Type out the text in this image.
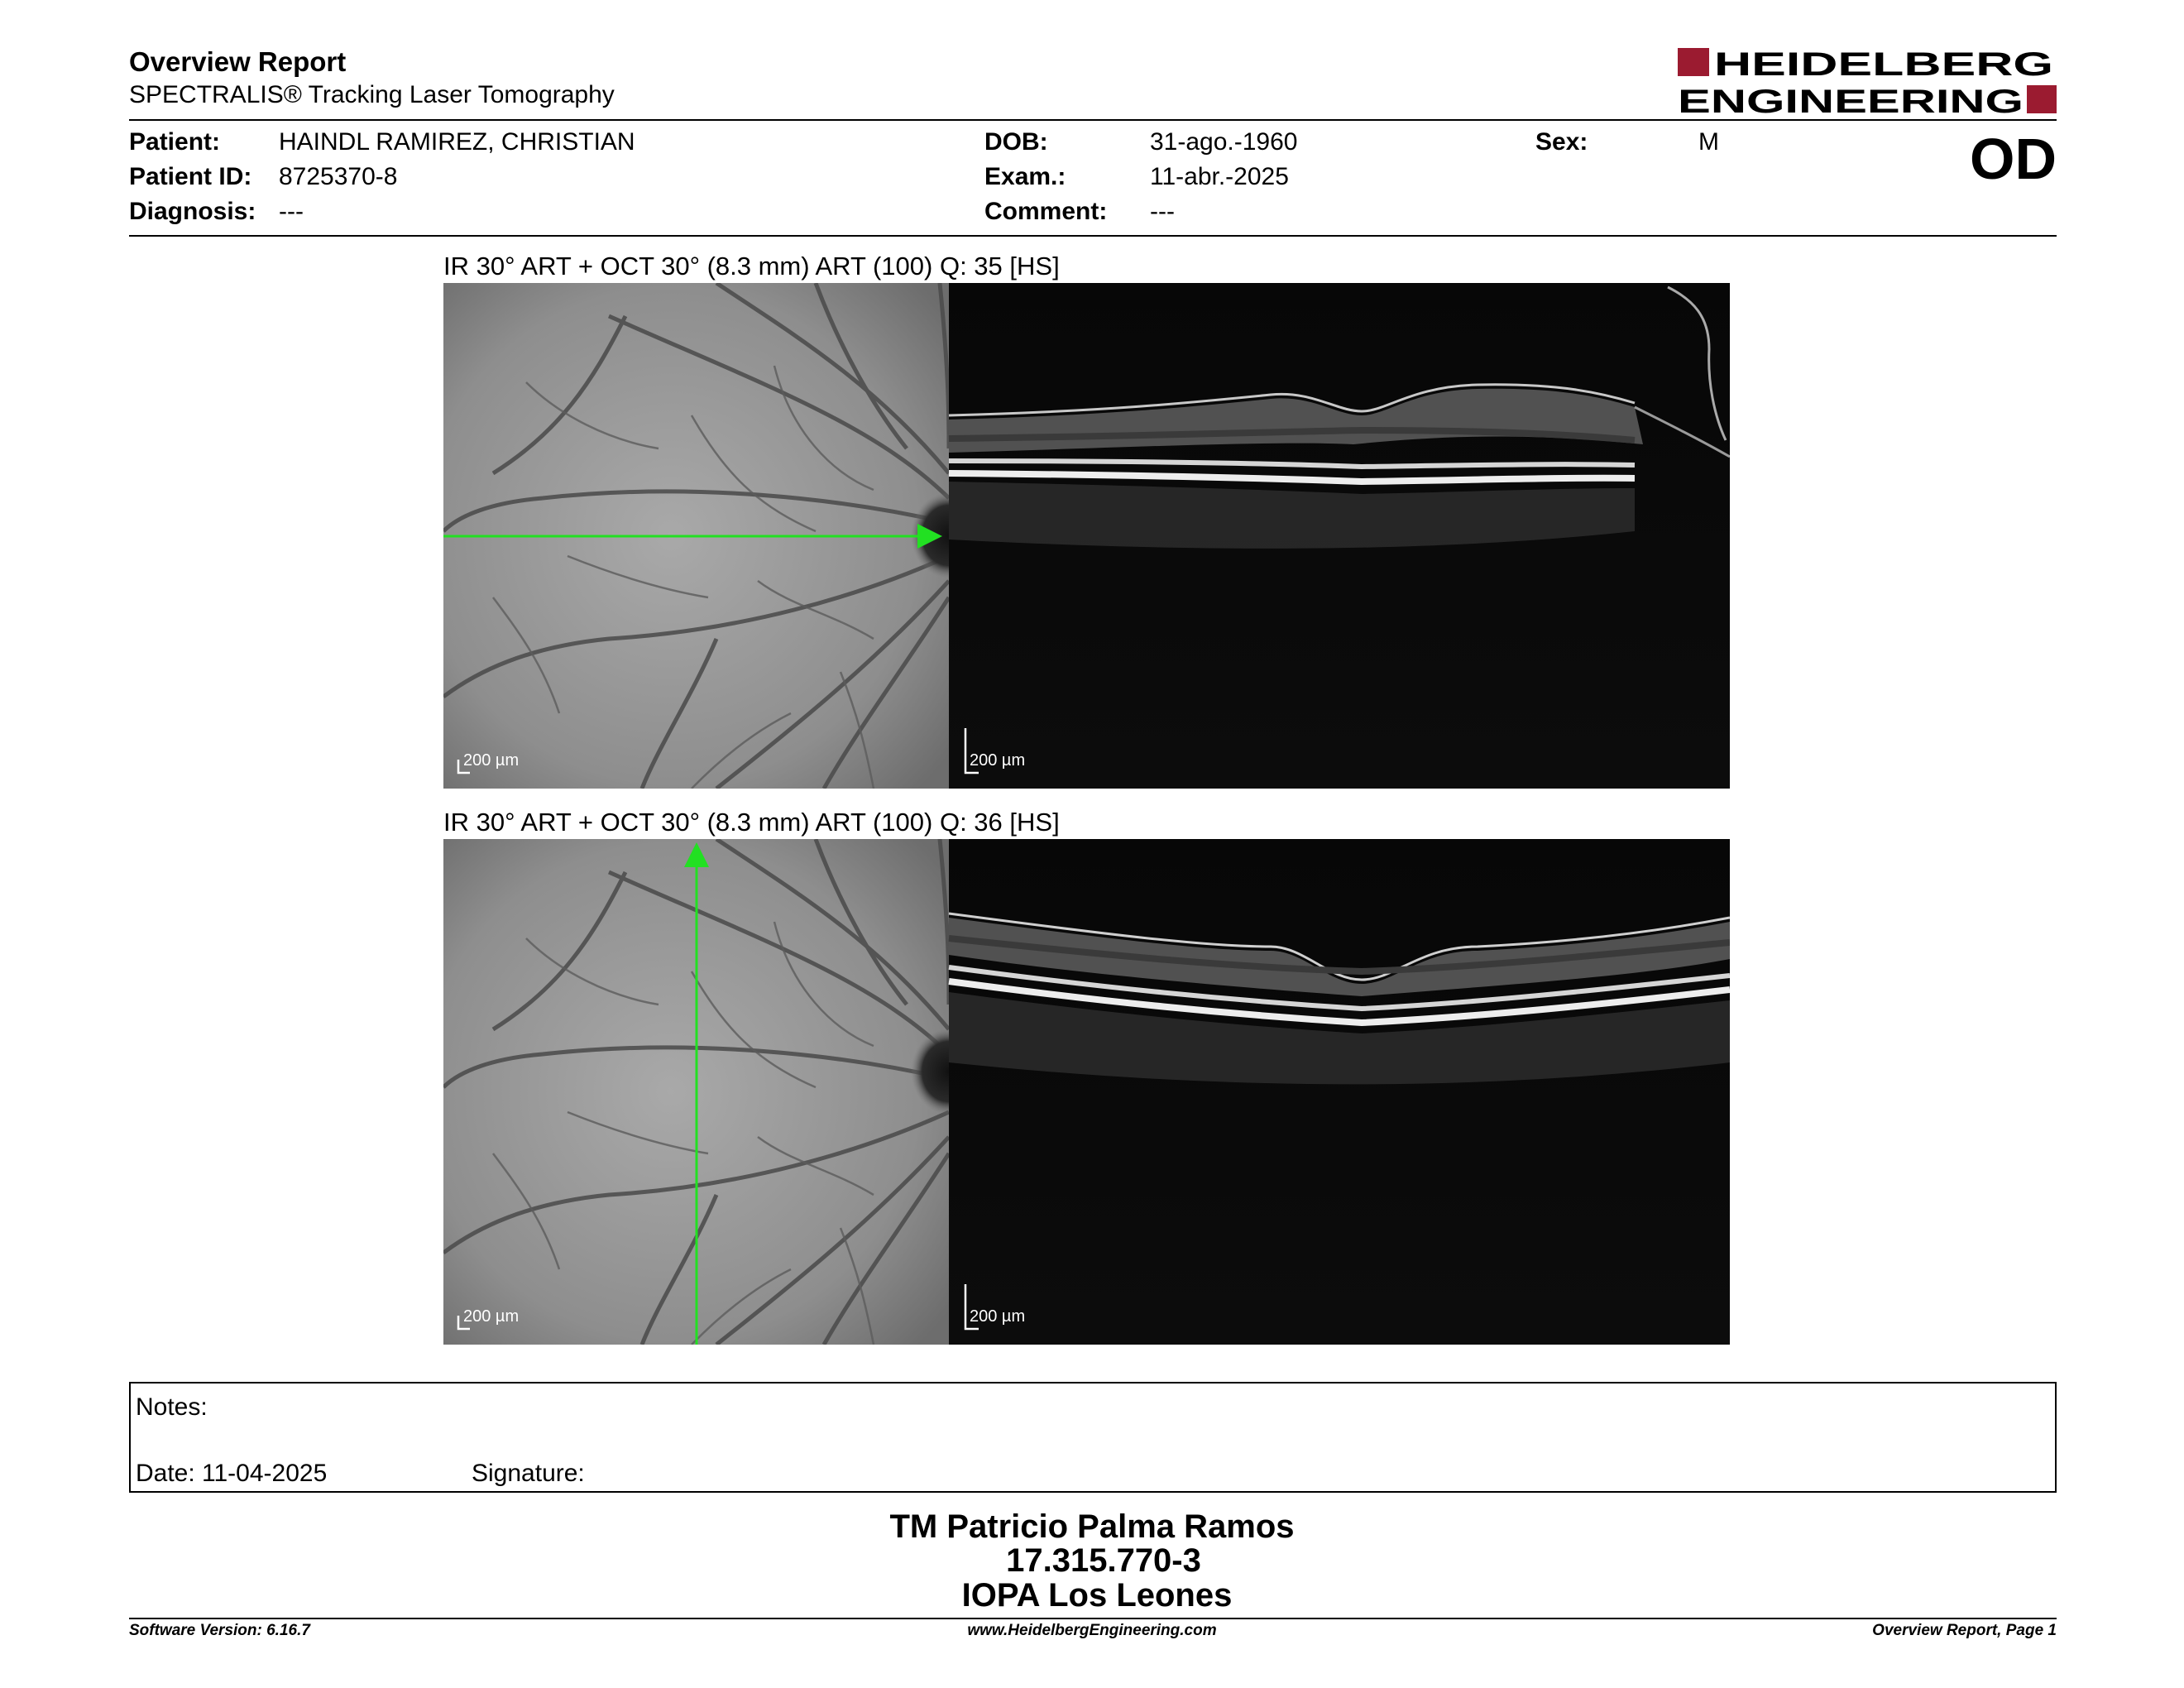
Overview Report
SPECTRALIS® Tracking Laser Tomography
HEIDELBERG
ENGINEERING
Patient: HAINDL RAMIREZ, CHRISTIAN
Patient ID: 8725370-8
Diagnosis: ---
DOB:	31-ago.-1960
Exam.:	11-abr.-2025
Comment: ---
Sex:	M	OD
IR 30° ART + OCT 30° (8.3 mm) ART (100) Q: 35 [HS]
200 µm	200 µm
IR 30° ART + OCT 30° (8.3 mm) ART (100) Q: 36 [HS]
200 µm	200 µm
Notes:
Date: 11-04-2025	Signature:
TM Patricio Palma Ramos
17.315.770-3
IOPA Los Leones
Software Version: 6.16.7	www.HeidelbergEngineering.com	Overview Report, Page 1
